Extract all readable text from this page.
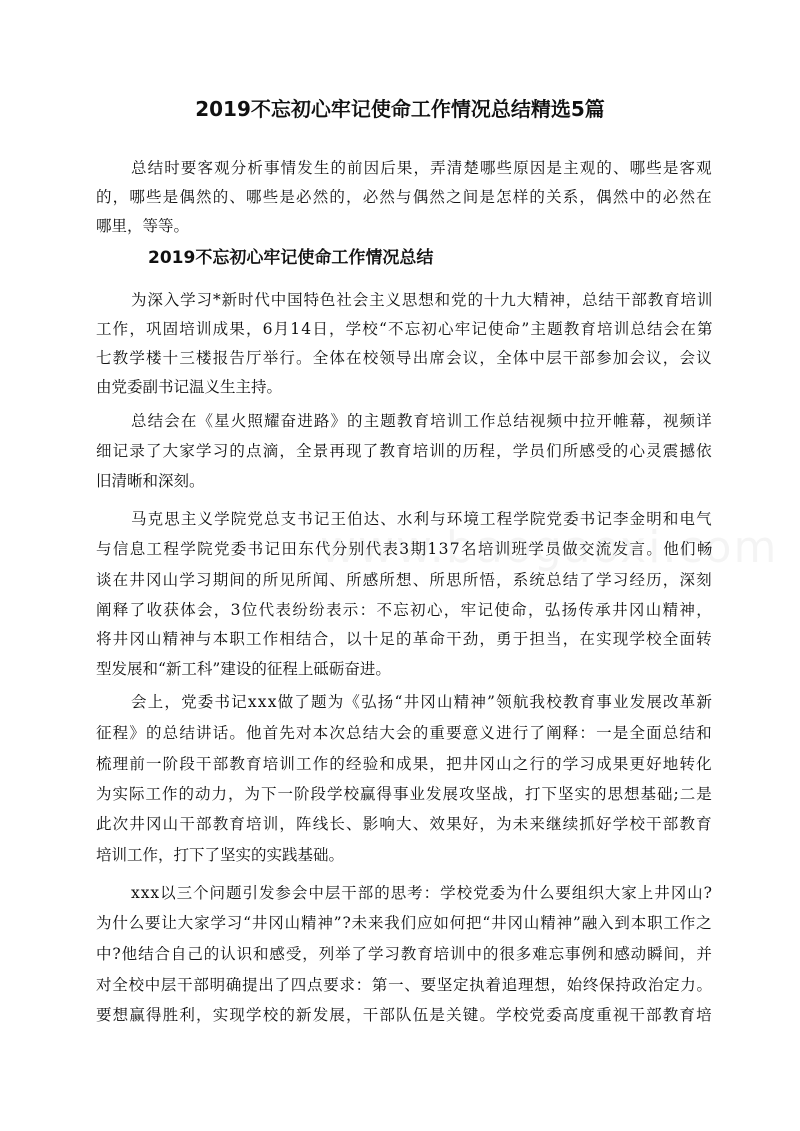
2019不忘初心牢记使命工作情况总结精选5篇
总结时要客观分析事情发生的前因后果，弄清楚哪些原因是主观的、哪些是客观
的，哪些是偶然的、哪些是必然的，必然与偶然之间是怎样的关系，偶然中的必然在
哪里，等等。
2019不忘初心牢记使命工作情况总结
为深入学习*新时代中国特色社会主义思想和党的十九大精神，总结干部教育培训
工作，巩固培训成果，6月14日，学校“不忘初心牢记使命”主题教育培训总结会在第
七教学楼十三楼报告厅举行。全体在校领导出席会议，全体中层干部参加会议，会议
由党委副书记温义生主持。
总结会在《星火照耀奋进路》的主题教育培训工作总结视频中拉开帷幕，视频详
细记录了大家学习的点滴，全景再现了教育培训的历程，学员们所感受的心灵震撼依
旧清晰和深刻。
马克思主义学院党总支书记王伯达、水利与环境工程学院党委书记李金明和电气
与信息工程学院党委书记田东代分别代表3期137名培训班学员做交流发言。他们畅
谈在井冈山学习期间的所见所闻、所感所想、所思所悟，系统总结了学习经历，深刻
阐释了收获体会，3位代表纷纷表示：不忘初心，牢记使命，弘扬传承井冈山精神，
将井冈山精神与本职工作相结合，以十足的革命干劲，勇于担当，在实现学校全面转
型发展和“新工科”建设的征程上砥砺奋进。
会上，党委书记xxx做了题为《弘扬“井冈山精神”领航我校教育事业发展改革新
征程》的总结讲话。他首先对本次总结大会的重要意义进行了阐释：一是全面总结和
梳理前一阶段干部教育培训工作的经验和成果，把井冈山之行的学习成果更好地转化
为实际工作的动力，为下一阶段学校赢得事业发展攻坚战，打下坚实的思想基础;二是
此次井冈山干部教育培训，阵线长、影响大、效果好，为未来继续抓好学校干部教育
培训工作，打下了坚实的实践基础。
xxx以三个问题引发参会中层干部的思考：学校党委为什么要组织大家上井冈山?
为什么要让大家学习“井冈山精神”?未来我们应如何把“井冈山精神”融入到本职工作之
中?他结合自己的认识和感受，列举了学习教育培训中的很多难忘事例和感动瞬间，并
对全校中层干部明确提出了四点要求：第一、要坚定执着追理想，始终保持政治定力。
要想赢得胜利，实现学校的新发展，干部队伍是关键。学校党委高度重视干部教育培
